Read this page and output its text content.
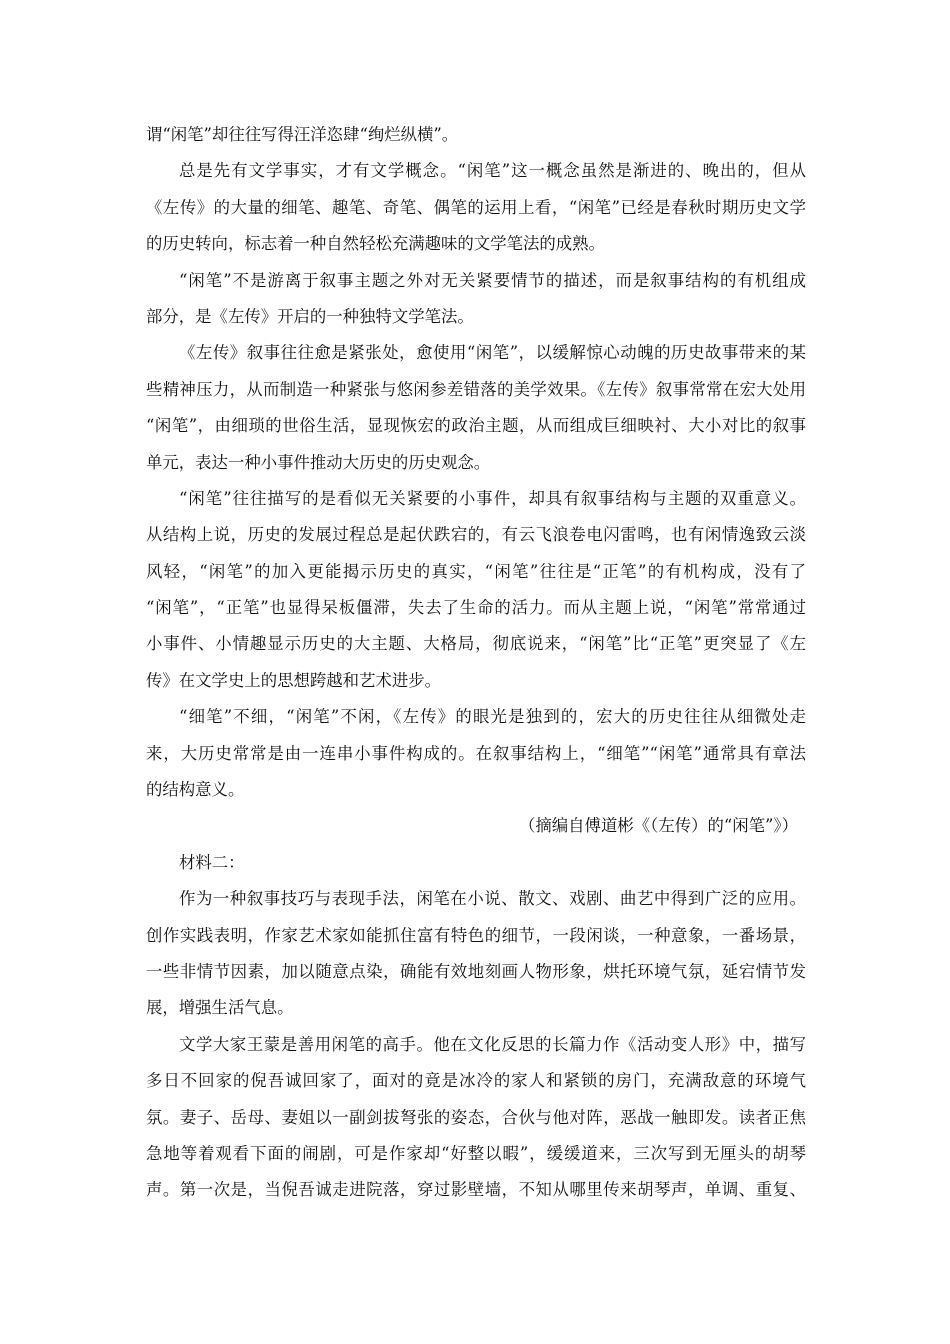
谓“闲笔”却往往写得汪洋恣肆“绚烂纵横”。
总是先有文学事实，才有文学概念。“闲笔”这一概念虽然是渐进的、晚出的，但从
《左传》的大量的细笔、趣笔、奇笔、偶笔的运用上看，“闲笔”已经是春秋时期历史文学
的历史转向，标志着一种自然轻松充满趣味的文学笔法的成熟。
“闲笔”不是游离于叙事主题之外对无关紧要情节的描述，而是叙事结构的有机组成
部分，是《左传》开启的一种独特文学笔法。
《左传》叙事往往愈是紧张处，愈使用“闲笔”，以缓解惊心动魄的历史故事带来的某
些精神压力，从而制造一种紧张与悠闲参差错落的美学效果。《左传》叙事常常在宏大处用
“闲笔”，由细琐的世俗生活，显现恢宏的政治主题，从而组成巨细映衬、大小对比的叙事
单元，表达一种小事件推动大历史的历史观念。
“闲笔”往往描写的是看似无关紧要的小事件，却具有叙事结构与主题的双重意义。
从结构上说，历史的发展过程总是起伏跌宕的，有云飞浪卷电闪雷鸣，也有闲情逸致云淡
风轻，“闲笔”的加入更能揭示历史的真实，“闲笔”往往是“正笔”的有机构成，没有了
“闲笔”，“正笔”也显得呆板僵滞，失去了生命的活力。而从主题上说，“闲笔”常常通过
小事件、小情趣显示历史的大主题、大格局，彻底说来，“闲笔”比“正笔”更突显了《左
传》在文学史上的思想跨越和艺术进步。
“细笔”不细，“闲笔”不闲，《左传》的眼光是独到的，宏大的历史往往从细微处走
来，大历史常常是由一连串小事件构成的。在叙事结构上，“细笔”“闲笔”通常具有章法
的结构意义。
（摘编自傅道彬《（左传）的“闲笔”》）
材料二：
作为一种叙事技巧与表现手法，闲笔在小说、散文、戏剧、曲艺中得到广泛的应用。
创作实践表明，作家艺术家如能抓住富有特色的细节，一段闲谈，一种意象，一番场景，
一些非情节因素，加以随意点染，确能有效地刻画人物形象，烘托环境气氛，延宕情节发
展，增强生活气息。
文学大家王蒙是善用闲笔的高手。他在文化反思的长篇力作《活动变人形》中，描写
多日不回家的倪吾诚回家了，面对的竟是冰冷的家人和紧锁的房门，充满敌意的环境气
氛。妻子、岳母、妻姐以一副剑拔弩张的姿态，合伙与他对阵，恶战一触即发。读者正焦
急地等着观看下面的闹剧，可是作家却“好整以暇”，缓缓道来，三次写到无厘头的胡琴
声。第一次是，当倪吾诚走进院落，穿过影壁墙，不知从哪里传来胡琴声，单调、重复、
